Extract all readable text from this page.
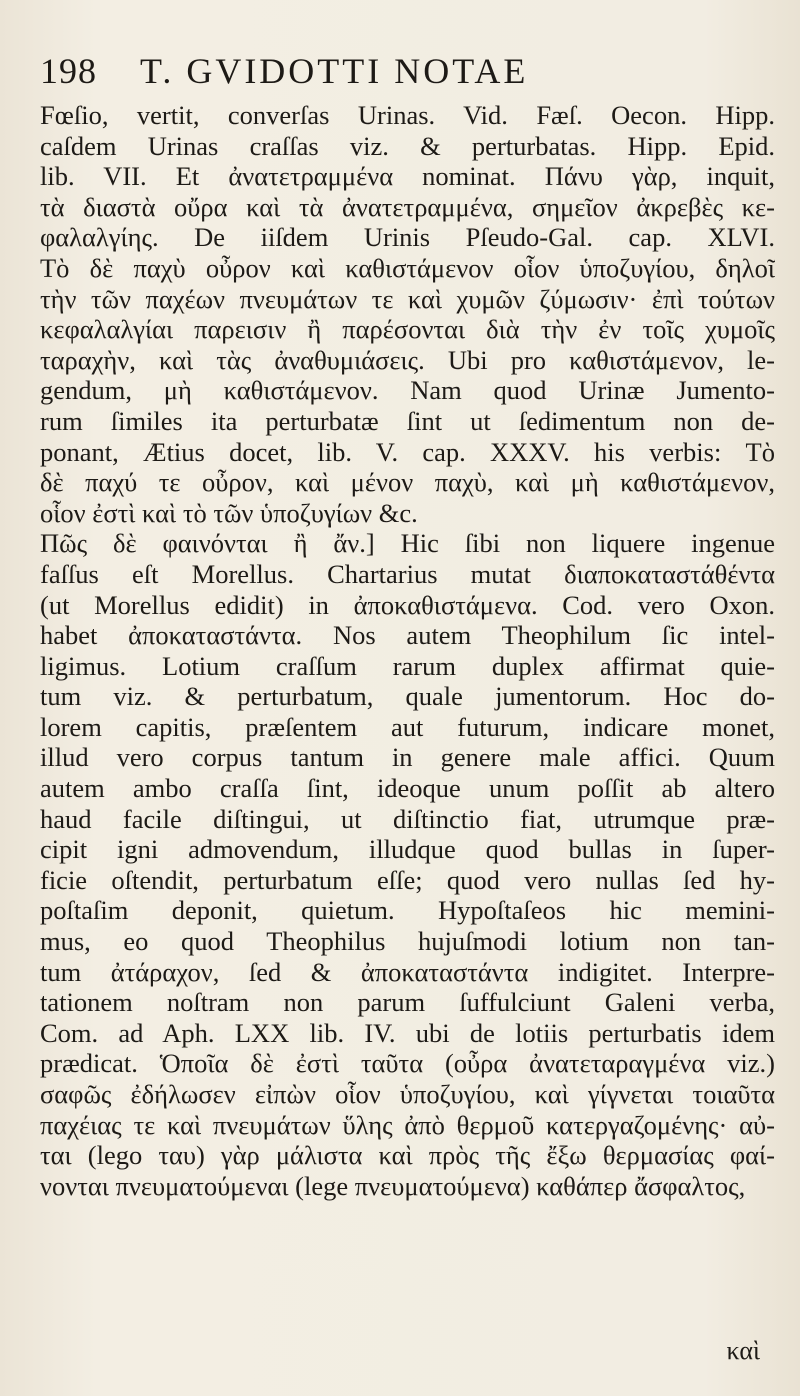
198	T. GVIDOTTI NOTAE
Fœſio, vertit, converſas Urinas. Vid. Fæſ. Oecon. Hipp.
caſdem Urinas craſſas viz. & perturbatas. Hipp. Epid.
lib. VII. Et ἀνατετραμμένα nominat. Πάνυ γὰρ, inquit,
τὰ διαστὰ οὔρα καὶ τὰ ἀνατετραμμένα, σημεῖον ἀκρεβὲς κε-
φαλαλγίης. De iiſdem Urinis Pſeudo-Gal. cap. XLVI.
Τὸ δὲ παχὺ οὖρον καὶ καθιστάμενον οἷον ὑποζυγίου, δηλοῖ
τὴν τῶν παχέων πνευμάτων τε καὶ χυμῶν ζύμωσιν· ἐπὶ τούτων
κεφαλαλγίαι παρεισιν ἢ παρέσονται διὰ τὴν ἐν τοῖς χυμοῖς
ταραχὴν, καὶ τὰς ἀναθυμιάσεις. Ubi pro καθιστάμενον, le-
gendum, μὴ καθιστάμενον. Nam quod Urinæ Jumento-
rum ſimiles ita perturbatæ ſint ut ſedimentum non de-
ponant, Ætius docet, lib. V. cap. XXXV. his verbis: Τὸ
δὲ παχύ τε οὖρον, καὶ μένον παχὺ, καὶ μὴ καθιστάμενον,
οἷον ἐστὶ καὶ τὸ τῶν ὑποζυγίων &c.
Πῶς δὲ φαινόνται ἢ ἄν.] Hic ſibi non liquere ingenue
faſſus eſt Morellus. Chartarius mutat διαποκαταστάθέντα
(ut Morellus edidit) in ἀποκαθιστάμενα. Cod. vero Oxon.
habet ἀποκαταστάντα. Nos autem Theophilum ſic intel-
ligimus. Lotium craſſum rarum duplex affirmat quie-
tum viz. & perturbatum, quale jumentorum. Hoc do-
lorem capitis, præſentem aut futurum, indicare monet,
illud vero corpus tantum in genere male affici. Quum
autem ambo craſſa ſint, ideoque unum poſſit ab altero
haud facile diſtingui, ut diſtinctio fiat, utrumque præ-
cipit igni admovendum, illudque quod bullas in ſuper-
ficie oſtendit, perturbatum eſſe; quod vero nullas ſed hy-
poſtaſim deponit, quietum. Hypoſtaſeos hic memini-
mus, eo quod Theophilus hujuſmodi lotium non tan-
tum ἀτάραχον, ſed & ἀποκαταστάντα indigitet. Interpre-
tationem noſtram non parum ſuffulciunt Galeni verba,
Com. ad Aph. LXX lib. IV. ubi de lotiis perturbatis idem
prædicat. Ὁποῖα δὲ ἐστὶ ταῦτα (οὖρα ἀνατεταραγμένα viz.)
σαφῶς ἐδήλωσεν εἰπὼν οἷον ὑποζυγίου, καὶ γίγνεται τοιαῦτα
παχέιας τε καὶ πνευμάτων ὕλης ἀπὸ θερμοῦ κατεργαζομένης· αὐ-
ται (lego ταυ) γὰρ μάλιστα καὶ πρὸς τῆς ἔξω θερμασίας φαί-
νονται πνευματούμεναι (lege πνευματούμενα) καθάπερ ἄσφαλτος,
καὶ
